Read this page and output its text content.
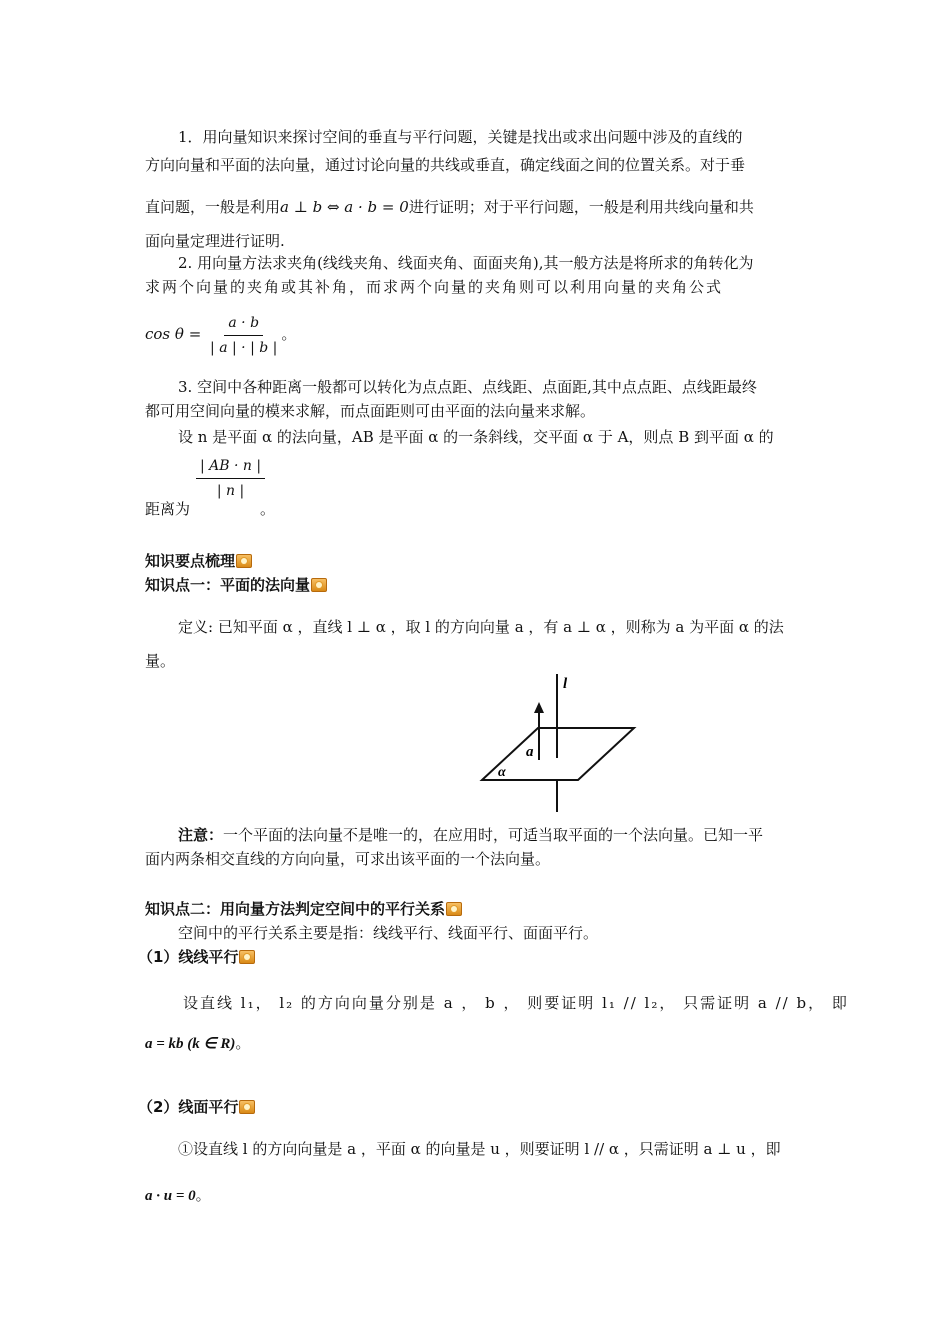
1．用向量知识来探讨空间的垂直与平行问题，关键是找出或求出问题中涉及的直线的
方向向量和平面的法向量，通过讨论向量的共线或垂直，确定线面之间的位置关系。对于垂
直问题，一般是利用a ⊥ b ⇔ a · b = 0进行证明；对于平行问题，一般是利用共线向量和共
面向量定理进行证明.
2. 用向量方法求夹角(线线夹角、线面夹角、面面夹角),其一般方法是将所求的角转化为
求两个向量的夹角或其补角，而求两个向量的夹角则可以利用向量的夹角公式
$\cos \theta = \frac{a \cdot b}{| a | \cdot | b |}$ 。
3. 空间中各种距离一般都可以转化为点点距、点线距、点面距,其中点点距、点线距最终
都可用空间向量的模来求解，而点面距则可由平面的法向量来求解。
设 n 是平面 α 的法向量，AB 是平面 α 的一条斜线，交平面 α 于 A，则点 B 到平面 α 的
$\frac{| AB \cdot n |}{| n |}$
距离为	。
知识要点梳理
知识点一：平面的法向量
定义: 已知平面 α ，直线 l ⊥ α ，取 l 的方向向量 a ，有 a ⊥ α ，则称为 a 为平面 α 的法
量。
l
a
α
注意：一个平面的法向量不是唯一的，在应用时，可适当取平面的一个法向量。已知一平
面内两条相交直线的方向向量，可求出该平面的一个法向量。
知识点二：用向量方法判定空间中的平行关系
空间中的平行关系主要是指：线线平行、线面平行、面面平行。
（1）线线平行
设直线 l₁， l₂ 的方向向量分别是 a ， b ， 则要证明 l₁ // l₂， 只需证明 a // b， 即
a = kb (k ∈ R)。
（2）线面平行
①设直线 l 的方向向量是 a ，平面 α 的向量是 u ，则要证明 l // α ，只需证明 a ⊥ u ，即
a · u = 0。
